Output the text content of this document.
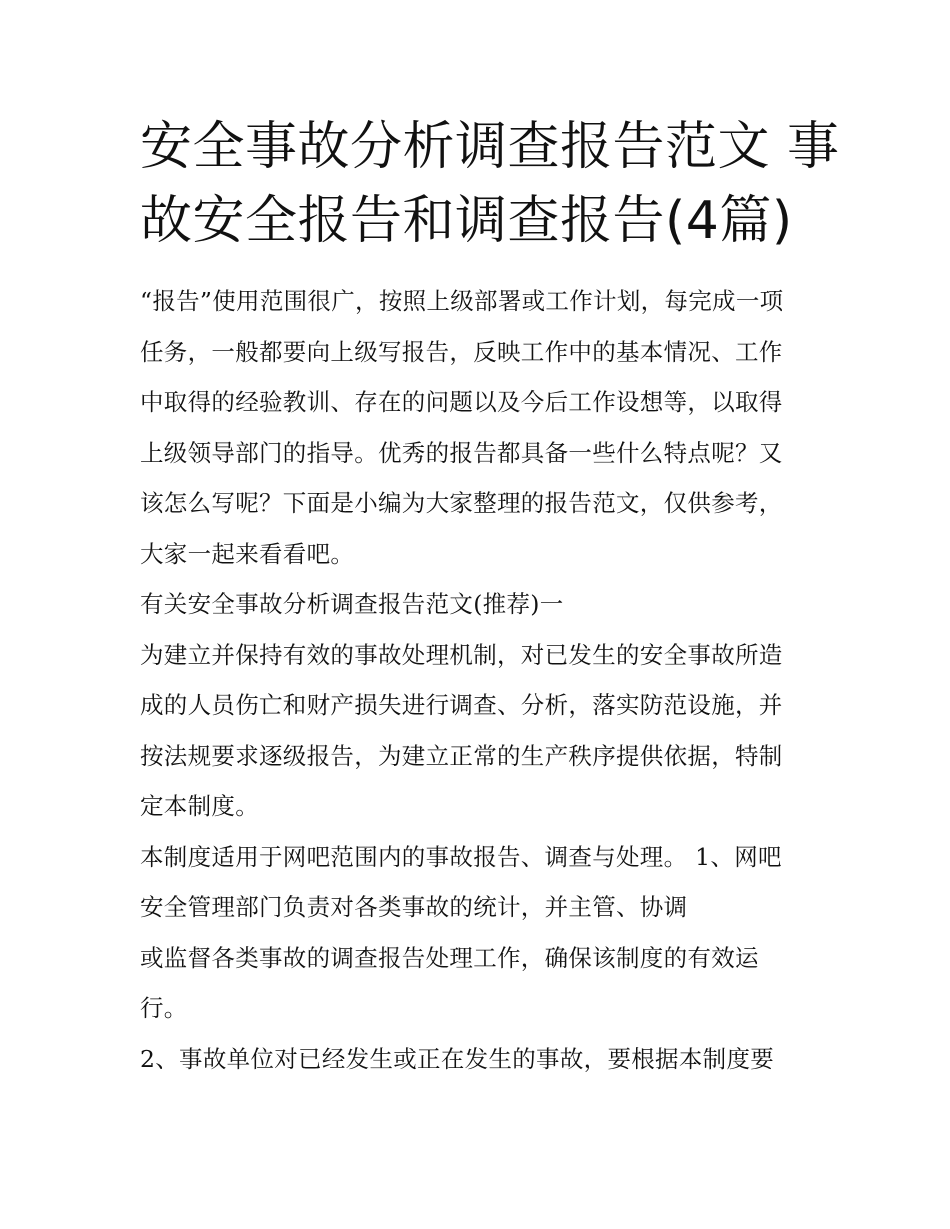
安全事故分析调查报告范文 事
故安全报告和调查报告(4篇)

“报告”使用范围很广，按照上级部署或工作计划，每完成一项

任务，一般都要向上级写报告，反映工作中的基本情况、工作

中取得的经验教训、存在的问题以及今后工作设想等，以取得

上级领导部门的指导。优秀的报告都具备一些什么特点呢？又

该怎么写呢？下面是小编为大家整理的报告范文，仅供参考，

大家一起来看看吧。

有关安全事故分析调查报告范文(推荐)一

为建立并保持有效的事故处理机制，对已发生的安全事故所造

成的人员伤亡和财产损失进行调查、分析，落实防范设施，并

按法规要求逐级报告，为建立正常的生产秩序提供依据，特制

定本制度。

本制度适用于网吧范围内的事故报告、调查与处理。 1、网吧

安全管理部门负责对各类事故的统计，并主管、协调

或监督各类事故的调查报告处理工作，确保该制度的有效运

行。

2、事故单位对已经发生或正在发生的事故，要根据本制度要
